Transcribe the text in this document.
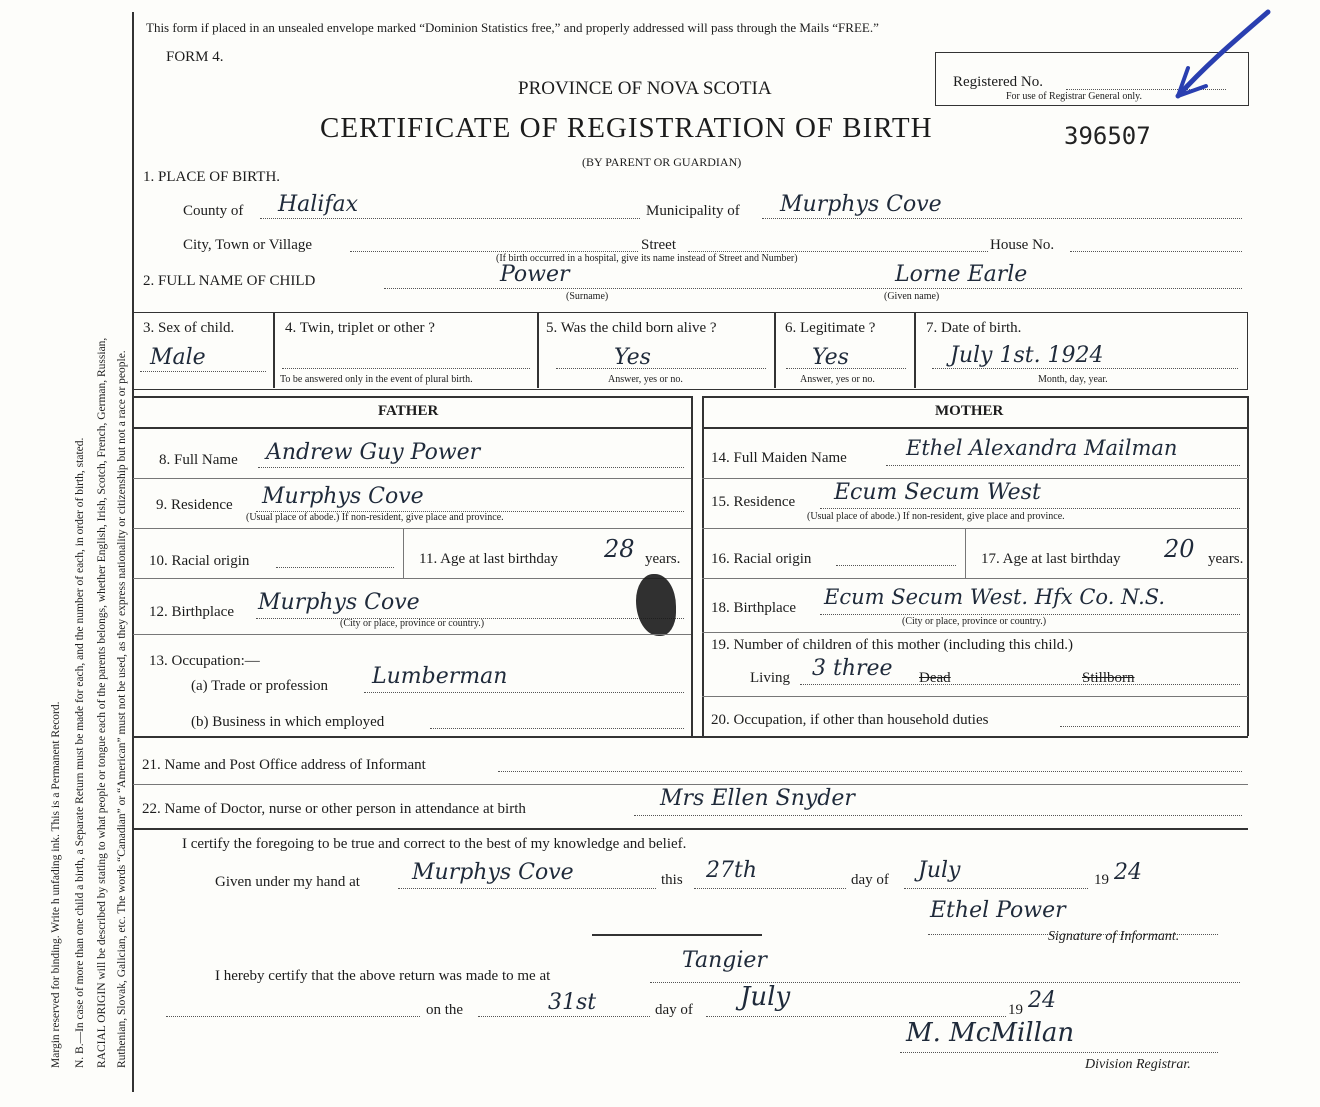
Margin reserved for binding. Write h unfading ink. This is a Permanent Record. N. B.—In case of more than one child a birth, a Separate Return must be made for each, and the number of each, in order of birth, stated. RACIAL ORIGIN will be described by stating to what people or tongue each of the parents belongs, whether English, Irish, Scotch, French, German, Russian, Ruthenian, Slovak, Galician, etc. The words “Canadian” or “American” must not be used, as they express nationality or citizenship but not a race or people.
This form if placed in an unsealed envelope marked “Dominion Statistics free,” and properly addressed will pass through the Mails “FREE.”
FORM 4.
PROVINCE OF NOVA SCOTIA
CERTIFICATE OF REGISTRATION OF BIRTH
(BY PARENT OR GUARDIAN)
Registered No.
For use of Registrar General only.
396507
1. PLACE OF BIRTH.
County of Halifax	Municipality of Murphys Cove
City, Town or Village	Street	House No.
(If birth occurred in a hospital, give its name instead of Street and Number)
2. FULL NAME OF CHILD	Power
(Surname)
Lorne Earle
(Given name)
3. Sex of child.
Male
4. Twin, triplet or other ?
To be answered only in the event of plural birth.
5. Was the child born alive ?
Yes
Answer, yes or no.
6. Legitimate ?
Yes
Answer, yes or no.
7. Date of birth.
July 1st. 1924
Month, day, year.
FATHER	MOTHER
8. Full Name Andrew Guy Power
9. Residence Murphys Cove
(Usual place of abode.) If non-resident, give place and province.
10. Racial origin	11. Age at last birthday 28 years.
12. Birthplace Murphys Cove
(City or place, province or country.)
13. Occupation:—
(a) Trade or profession Lumberman
(b) Business in which employed
14. Full Maiden Name	Ethel Alexandra Mailman
15. Residence Ecum Secum West
(Usual place of abode.) If non-resident, give place and province.
16. Racial origin	17. Age at last birthday 20 years.
18. Birthplace Ecum Secum West. Hfx Co. N.S.
(City or place, province or country.)
19. Number of children of this mother (including this child.)
Living 3 three Dead	Stillborn
20. Occupation, if other than household duties
21. Name and Post Office address of Informant
22. Name of Doctor, nurse or other person in attendance at birth	Mrs Ellen Snyder
I certify the foregoing to be true and correct to the best of my knowledge and belief.
Given under my hand at Murphys Cove	this 27th	day of July	19 24
Ethel Power
Signature of Informant.
I hereby certify that the above return was made to me at
Tangier
on the	31st	day of July	19 24
M. McMillan
Division Registrar.
